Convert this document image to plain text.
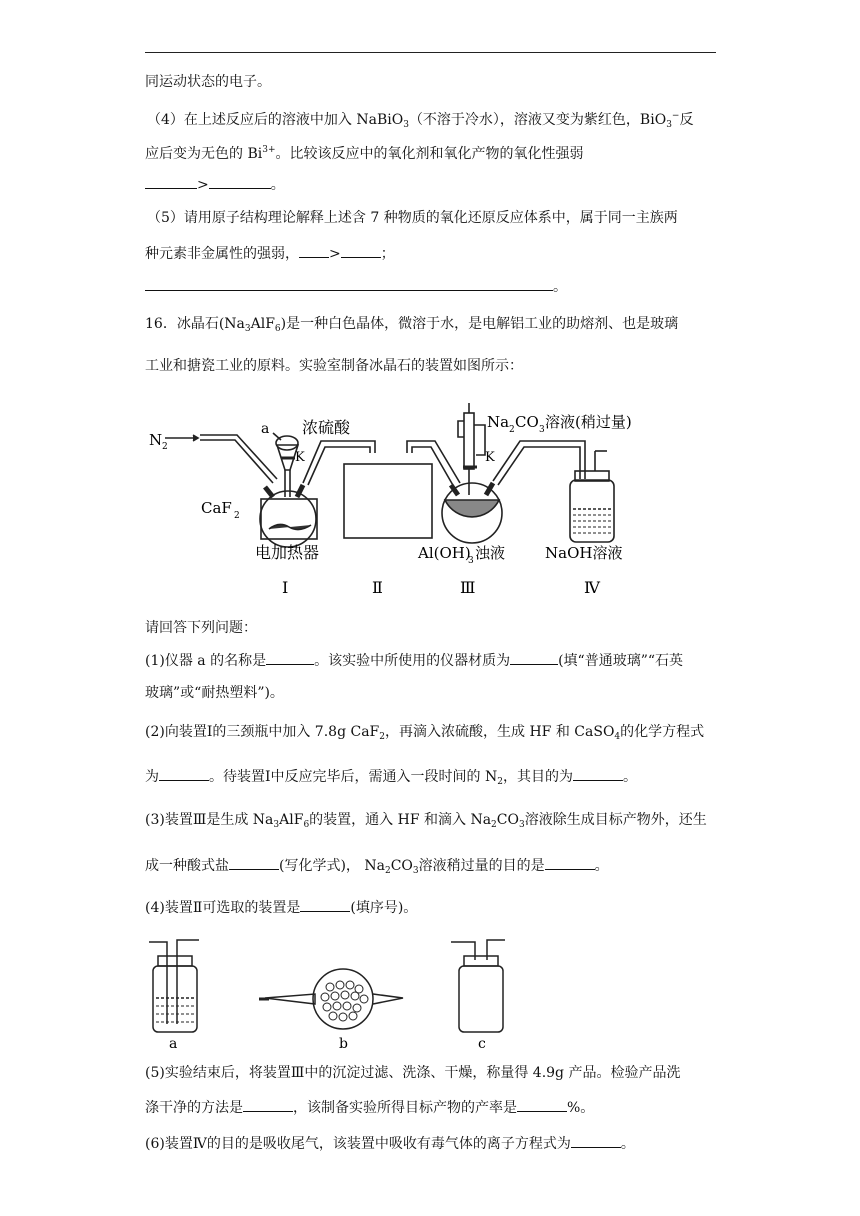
同运动状态的电子。
（4）在上述反应后的溶液中加入 NaBiO$_3$（不溶于冷水），溶液又变为紫红色，BiO$_3$−反
应后变为无色的 $Bi^{3+}$。比较该反应中的氧化剂和氧化产物的氧化性强弱
>	。
（5）请用原子结构理论解释上述含 7 种物质的氧化还原反应体系中，属于同一主族两
种元素非金属性的强弱， >	；
。
16．冰晶石$(Na_3AlF_6)$是一种白色晶体，微溶于水，是电解铝工业的助熔剂、也是玻璃
工业和搪瓷工业的原料。实验室制备冰晶石的装置如图所示：
N 2
a 浓硫酸
K
CaF 2
电加热器
Na 2 CO 3 溶液(稍过量)
K
Al(OH)
3 浊液	NaOH溶液
Ⅰ	Ⅱ	Ⅲ	Ⅳ
请回答下列问题：
(1)仪器 a 的名称是	。该实验中所使用的仪器材质为	(填“普通玻璃”“石英
玻璃”或“耐热塑料”)。
(2)向装置Ⅰ的三颈瓶中加入 7.8g CaF$_2$，再滴入浓硫酸，生成 HF 和 CaSO$_4$的化学方程式
为	。待装置Ⅰ中反应完毕后，需通入一段时间的 $N_2$，其目的为	。
(3)装置Ⅲ是生成 $Na_3AlF_6$的装置，通入 HF 和滴入 $Na_2CO_3$溶液除生成目标产物外，还生
成一种酸式盐	(写化学式)， $Na_2CO_3$溶液稍过量的目的是	。
(4)装置Ⅱ可选取的装置是	(填序号)。
a	b	c
(5)实验结束后，将装置Ⅲ中的沉淀过滤、洗涤、干燥，称量得 4.9g 产品。检验产品洗
涤干净的方法是	，该制备实验所得目标产物的产率是	%。
(6)装置Ⅳ的目的是吸收尾气，该装置中吸收有毒气体的离子方程式为	。
